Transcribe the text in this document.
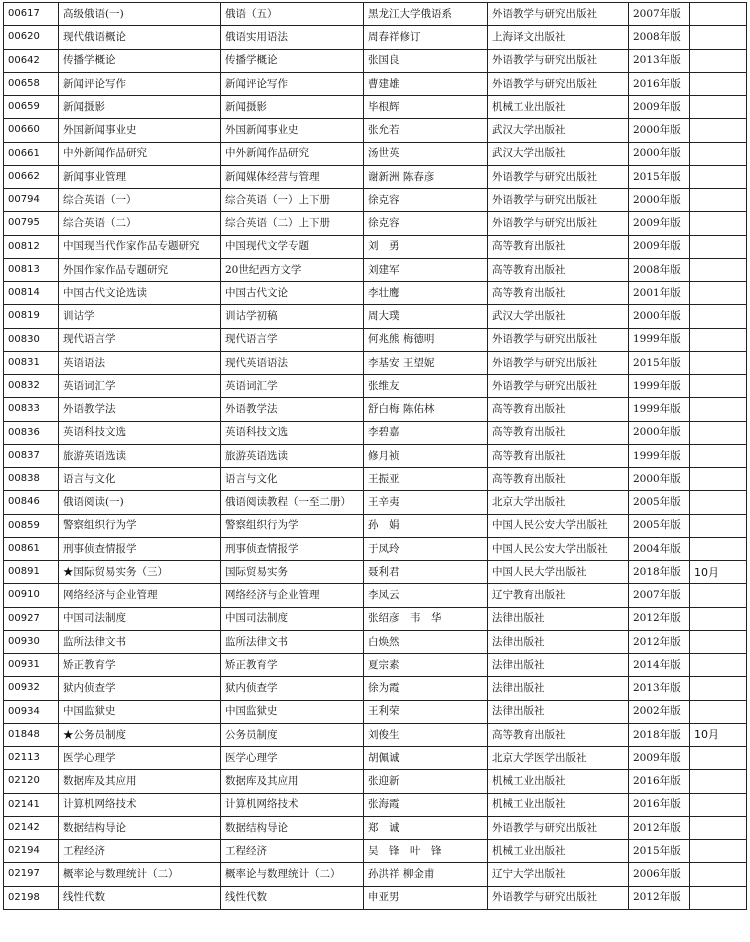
00617	高级俄语(一)	俄语（五）	黑龙江大学俄语系	外语教学与研究出版社	2007年版	
00620	现代俄语概论	俄语实用语法	周春祥修订	上海译文出版社	2008年版	
00642	传播学概论	传播学概论	张国良	外语教学与研究出版社	2013年版	
00658	新闻评论写作	新闻评论写作	曹建雄	外语教学与研究出版社	2016年版	
00659	新闻摄影	新闻摄影	毕根辉	机械工业出版社	2009年版	
00660	外国新闻事业史	外国新闻事业史	张允若	武汉大学出版社	2000年版	
00661	中外新闻作品研究	中外新闻作品研究	汤世英	武汉大学出版社	2000年版	
00662	新闻事业管理	新闻媒体经营与管理	谢新洲 陈春彦	外语教学与研究出版社	2015年版	
00794	综合英语（一）	综合英语（一）上下册	徐克容	外语教学与研究出版社	2000年版	
00795	综合英语（二）	综合英语（二）上下册	徐克容	外语教学与研究出版社	2009年版	
00812	中国现当代作家作品专题研究	中国现代文学专题	刘　勇	高等教育出版社	2009年版	
00813	外国作家作品专题研究	20世纪西方文学	刘建军	高等教育出版社	2008年版	
00814	中国古代文论选读	中国古代文论	李壮鹰	高等教育出版社	2001年版	
00819	训诂学	训诂学初稿	周大璞	武汉大学出版社	2000年版	
00830	现代语言学	现代语言学	何兆熊 梅德明	外语教学与研究出版社	1999年版	
00831	英语语法	现代英语语法	李基安 王望妮	外语教学与研究出版社	2015年版	
00832	英语词汇学	英语词汇学	张维友	外语教学与研究出版社	1999年版	
00833	外语教学法	外语教学法	舒白梅 陈佑林	高等教育出版社	1999年版	
00836	英语科技文选	英语科技文选	李碧嘉	高等教育出版社	2000年版	
00837	旅游英语选读	旅游英语选读	修月祯	高等教育出版社	1999年版	
00838	语言与文化	语言与文化	王振亚	高等教育出版社	2000年版	
00846	俄语阅读(一)	俄语阅读教程（一至二册）	王辛夷	北京大学出版社	2005年版	
00859	警察组织行为学	警察组织行为学	孙　娟	中国人民公安大学出版社	2005年版	
00861	刑事侦查情报学	刑事侦查情报学	于凤玲	中国人民公安大学出版社	2004年版	
00891	★国际贸易实务（三）	国际贸易实务	聂利君	中国人民大学出版社	2018年版	10月
00910	网络经济与企业管理	网络经济与企业管理	李凤云	辽宁教育出版社	2007年版	
00927	中国司法制度	中国司法制度	张绍彦　韦　华	法律出版社	2012年版	
00930	监所法律文书	监所法律文书	白焕然	法律出版社	2012年版	
00931	矫正教育学	矫正教育学	夏宗素	法律出版社	2014年版	
00932	狱内侦查学	狱内侦查学	徐为霞	法律出版社	2013年版	
00934	中国监狱史	中国监狱史	王利荣	法律出版社	2002年版	
01848	★公务员制度	公务员制度	刘俊生	高等教育出版社	2018年版	10月
02113	医学心理学	医学心理学	胡佩诚	北京大学医学出版社	2009年版	
02120	数据库及其应用	数据库及其应用	张迎新	机械工业出版社	2016年版	
02141	计算机网络技术	计算机网络技术	张海霞	机械工业出版社	2016年版	
02142	数据结构导论	数据结构导论	郑　诚	外语教学与研究出版社	2012年版	
02194	工程经济	工程经济	吴　锋　叶　锋	机械工业出版社	2015年版	
02197	概率论与数理统计（二）	概率论与数理统计（二）	孙洪祥 柳金甫	辽宁大学出版社	2006年版	
02198	线性代数	线性代数	申亚男	外语教学与研究出版社	2012年版	
